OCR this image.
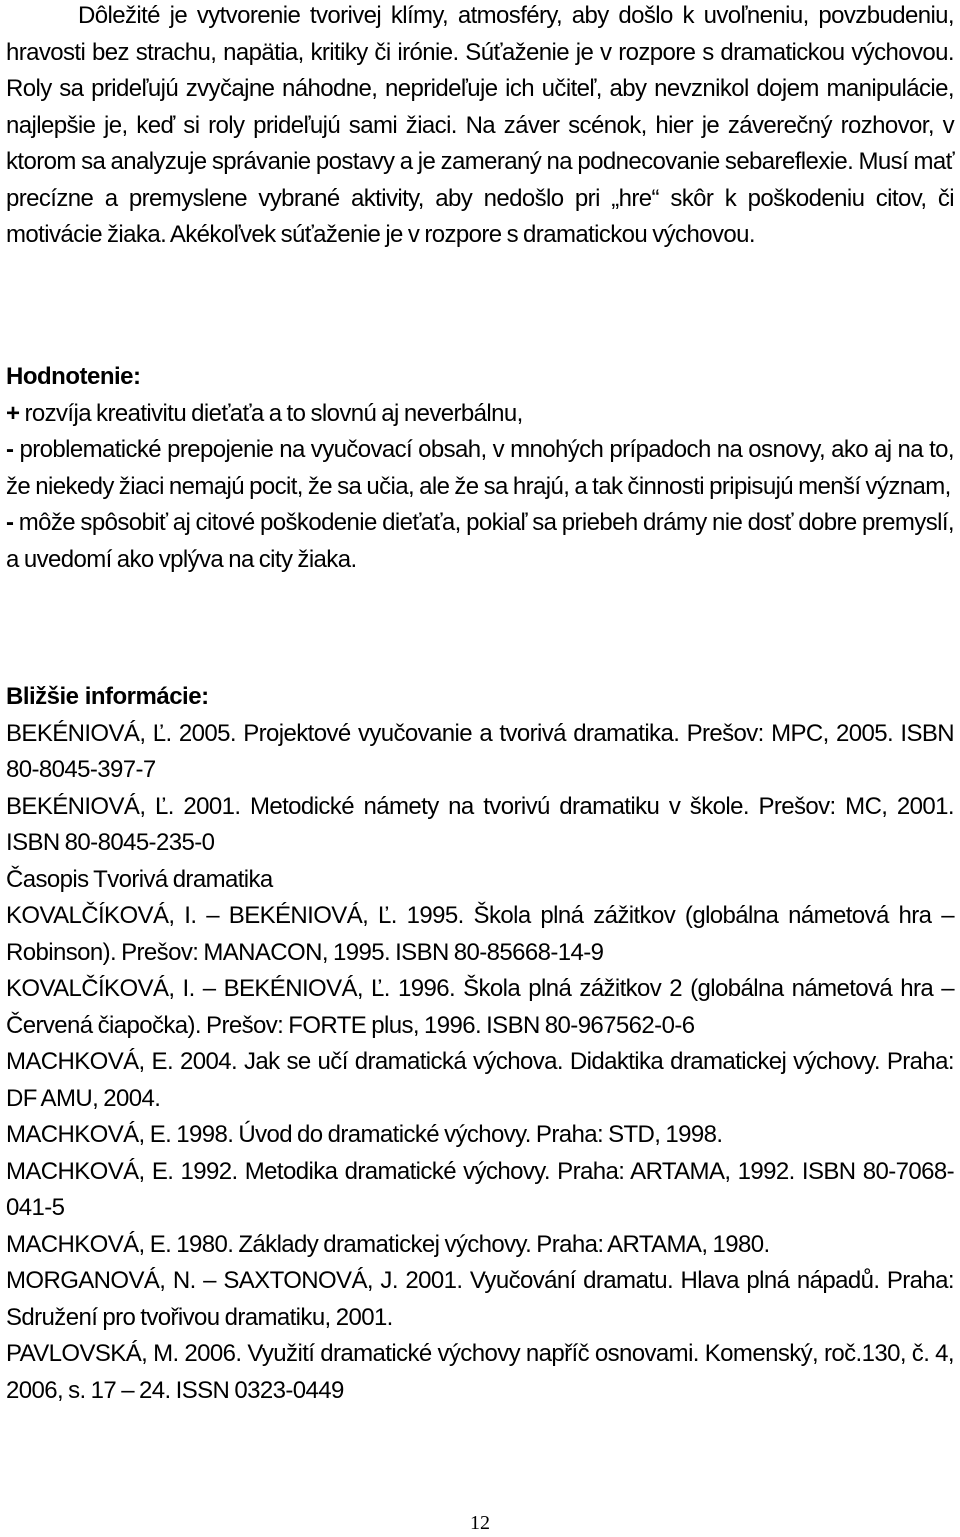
Dôležité je vytvorenie tvorivej klímy, atmosféry, aby došlo k uvoľneniu, povzbudeniu, hravosti bez strachu, napätia, kritiky či irónie. Súťaženie je v rozpore s dramatickou výchovou. Roly sa prideľujú zvyčajne náhodne, neprideľuje ich učiteľ, aby nevznikol dojem manipulácie, najlepšie je, keď si roly prideľujú sami žiaci. Na záver scénok, hier je záverečný rozhovor, v ktorom sa analyzuje správanie postavy a je zameraný na podnecovanie sebareflexie. Musí mať precízne a premyslene vybrané aktivity, aby nedošlo pri „hre“ skôr k poškodeniu citov, či motivácie žiaka. Akékoľvek súťaženie je v rozpore s dramatickou výchovou.

Hodnotenie:

+ rozvíja kreativitu dieťaťa a to slovnú aj neverbálnu,

- problematické prepojenie na vyučovací obsah, v mnohých prípadoch na osnovy, ako aj na to, že niekedy žiaci nemajú pocit, že sa učia, ale že sa hrajú, a tak činnosti pripisujú menší význam,

- môže spôsobiť aj citové poškodenie dieťaťa, pokiaľ sa priebeh drámy nie dosť dobre premyslí, a uvedomí ako vplýva na city žiaka.

Bližšie informácie:

BEKÉNIOVÁ, Ľ. 2005. Projektové vyučovanie a tvorivá dramatika. Prešov: MPC, 2005. ISBN 80-8045-397-7

BEKÉNIOVÁ, Ľ. 2001. Metodické námety na tvorivú dramatiku v škole. Prešov: MC, 2001. ISBN 80-8045-235-0

Časopis Tvorivá dramatika

KOVALČÍKOVÁ, I. – BEKÉNIOVÁ, Ľ. 1995. Škola plná zážitkov (globálna námetová hra – Robinson). Prešov: MANACON, 1995. ISBN 80-85668-14-9

KOVALČÍKOVÁ, I. – BEKÉNIOVÁ, Ľ. 1996. Škola plná zážitkov 2 (globálna námetová hra – Červená čiapočka). Prešov: FORTE plus, 1996. ISBN 80-967562-0-6

MACHKOVÁ, E. 2004. Jak se učí dramatická výchova. Didaktika dramatickej výchovy. Praha: DF AMU, 2004.

MACHKOVÁ, E. 1998. Úvod do dramatické výchovy. Praha: STD, 1998.

MACHKOVÁ, E. 1992. Metodika dramatické výchovy. Praha: ARTAMA, 1992. ISBN 80-7068-041-5

MACHKOVÁ, E. 1980. Základy dramatickej výchovy. Praha: ARTAMA, 1980.

MORGANOVÁ, N. – SAXTONOVÁ, J. 2001. Vyučování dramatu. Hlava plná nápadů. Praha: Sdružení pro tvořivou dramatiku, 2001.

PAVLOVSKÁ, M. 2006. Využití dramatické výchovy napříč osnovami. Komenský, roč.130, č. 4, 2006, s. 17 – 24. ISSN 0323-0449

12
